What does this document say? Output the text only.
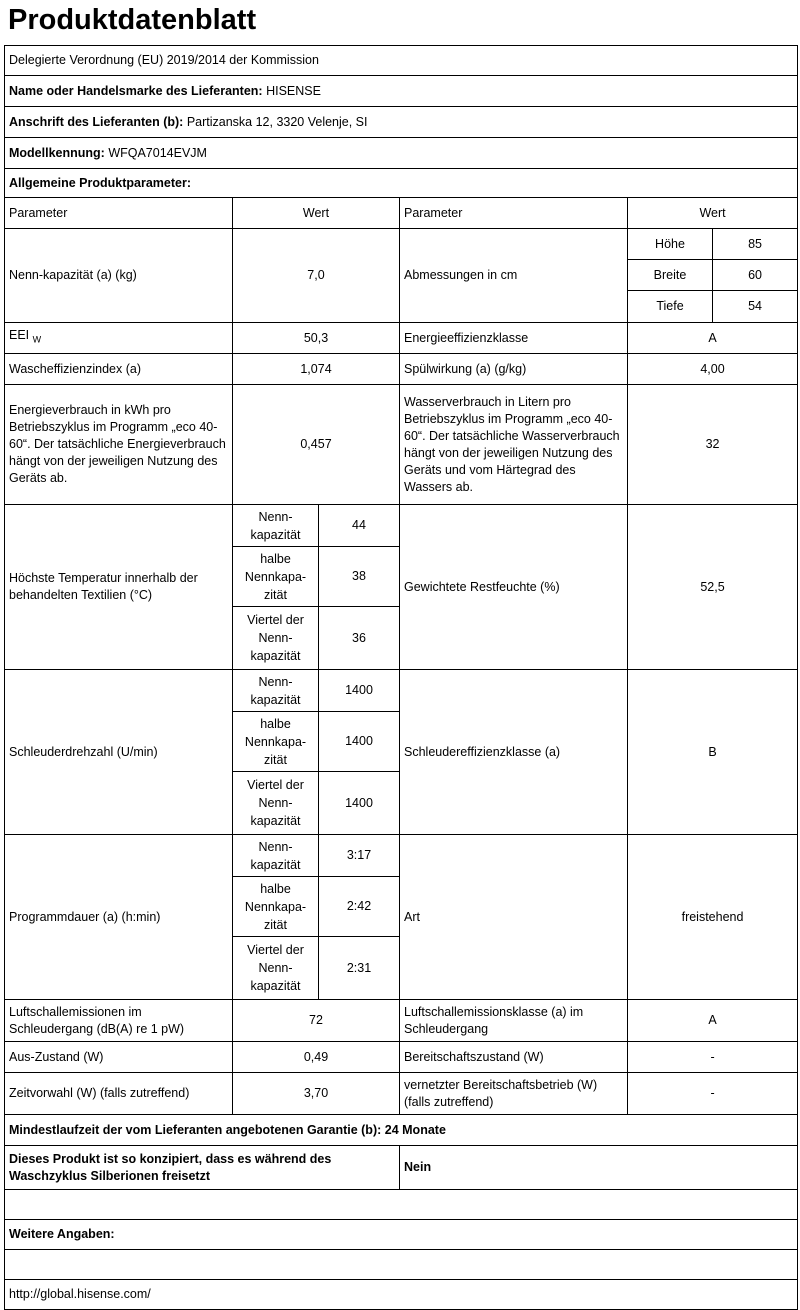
Produktdatenblatt
Delegierte Verordnung (EU) 2019/2014 der Kommission					
Name oder Handelsmarke des Lieferanten: HISENSE					
Anschrift des Lieferanten (b): Partizanska 12, 3320 Velenje, SI					
Modellkennung: WFQA7014EVJM					
Allgemeine Produktparameter:					
Parameter	Wert		Parameter	Wert	
Nenn-kapazität (a) (kg)	7,0		Abmessungen in cm	Höhe	85
				Breite	60
				Tiefe	54
EEI $_W$	50,3		Energieeffizienzklasse	A	
Wascheffizienzindex (a)	1,074		Spülwirkung (a) (g/kg)	4,00	
Energieverbrauch in kWh pro Betriebszyklus im Programm „eco 40-60“. Der tatsächliche Energieverbrauch hängt von der jeweiligen Nutzung des Geräts ab.	0,457		Wasserverbrauch in Litern pro Betriebszyklus im Programm „eco 40-60“. Der tatsächliche Wasserverbrauch hängt von der jeweiligen Nutzung des Geräts und vom Härtegrad des Wassers ab.	32	
Höchste Temperatur innerhalb der behandelten Textilien (°C)	Nenn-kapazität	44	Gewichtete Restfeuchte (%)	52,5	
	halbe Nennkapa-zität	38			
	Viertel der Nenn-kapazität	36			
Schleuderdrehzahl (U/min)	Nenn-kapazität	1400	Schleudereffizienzklasse (a)	B	
	halbe Nennkapa-zität	1400			
	Viertel der Nenn-kapazität	1400			
Programmdauer (a) (h:min)	Nenn-kapazität	3:17	Art	freistehend	
	halbe Nennkapa-zität	2:42			
	Viertel der Nenn-kapazität	2:31			
Luftschallemissionen im Schleudergang (dB(A) re 1 pW)	72		Luftschallemissionsklasse (a) im Schleudergang	A	
Aus-Zustand (W)	0,49		Bereitschaftszustand (W)	-	
Zeitvorwahl (W) (falls zutreffend)	3,70		vernetzter Bereitschaftsbetrieb (W) (falls zutreffend)	-	
Mindestlaufzeit der vom Lieferanten angebotenen Garantie (b): 24 Monate					
Dieses Produkt ist so konzipiert, dass es während des Waschzyklus Silberionen freisetzt			Nein		

Weitere Angaben:					

http://global.hisense.com/					
